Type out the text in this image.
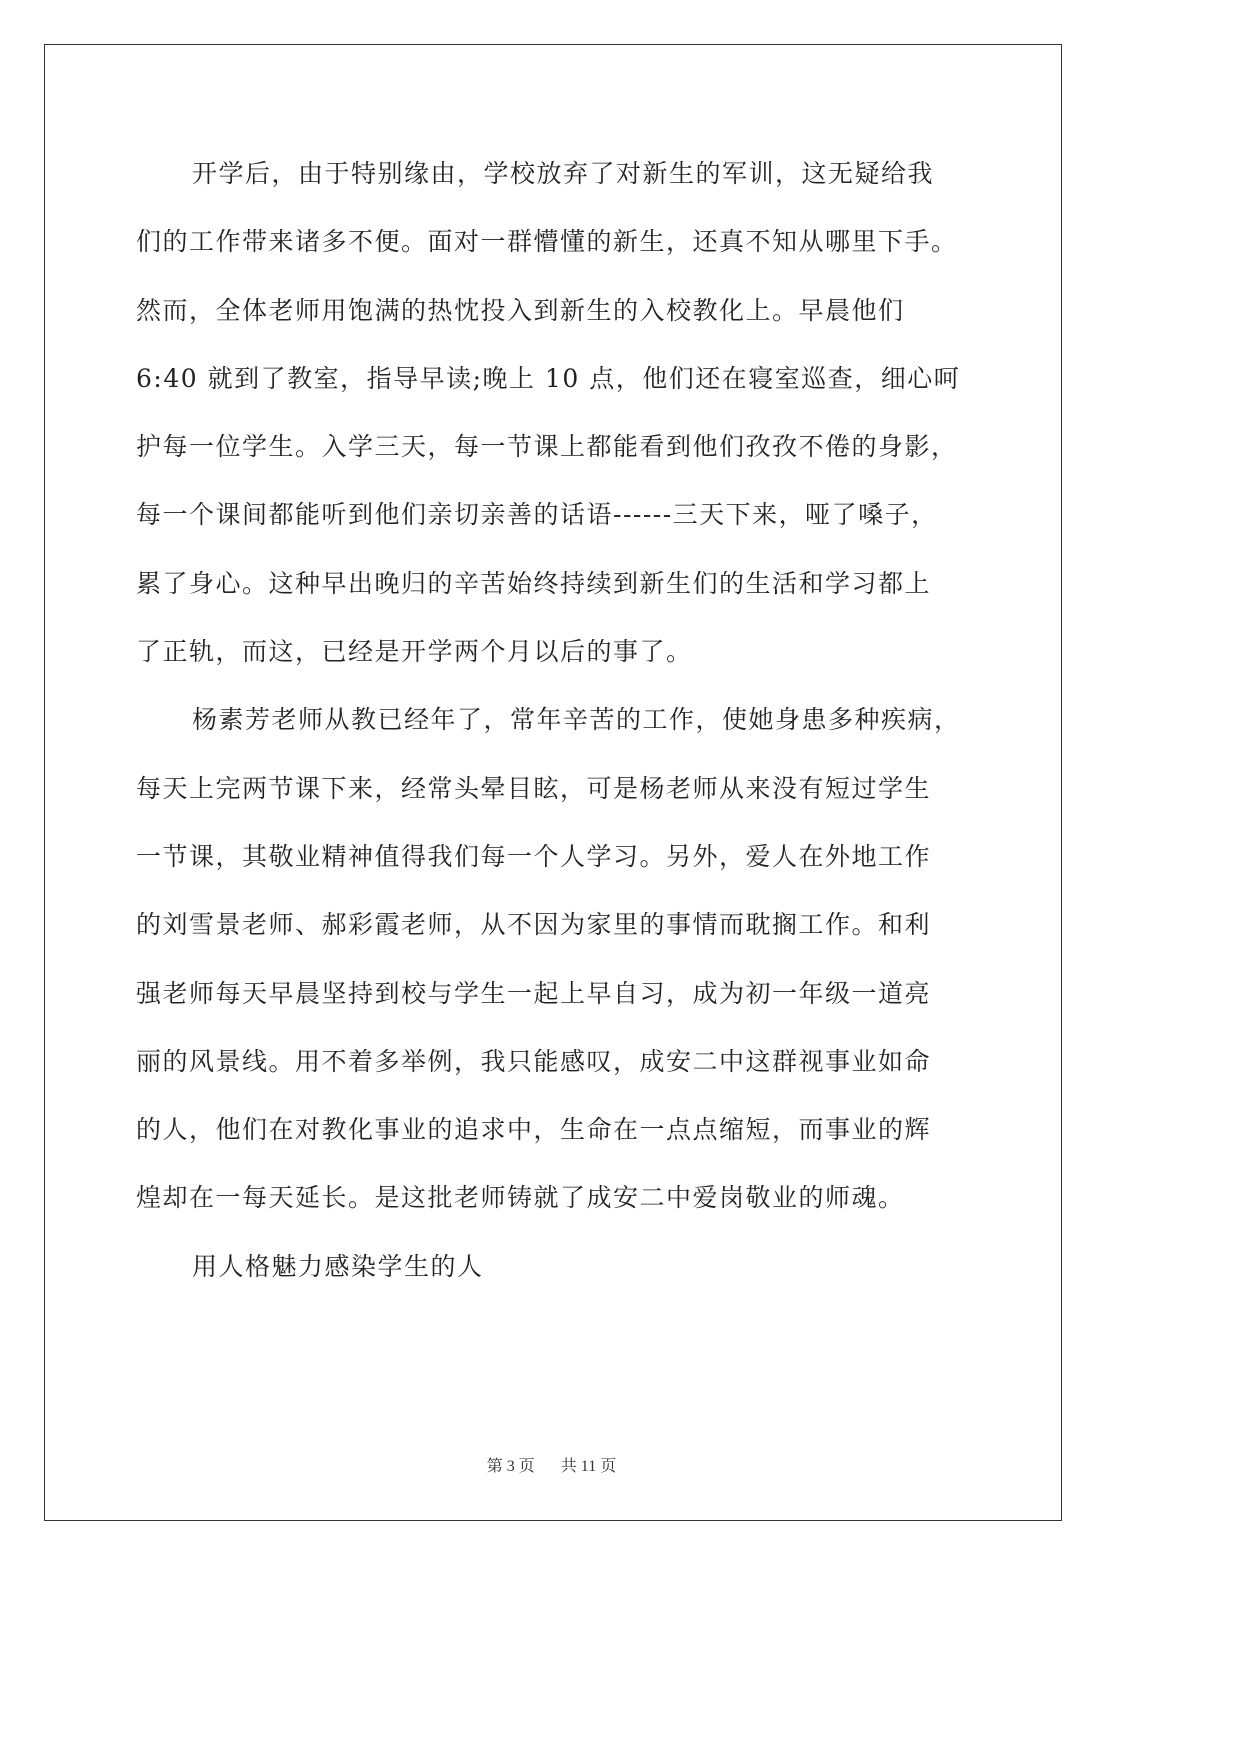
开学后，由于特别缘由，学校放弃了对新生的军训，这无疑给我
们的工作带来诸多不便。面对一群懵懂的新生，还真不知从哪里下手。
然而，全体老师用饱满的热忱投入到新生的入校教化上。早晨他们
6:40 就到了教室，指导早读;晚上 10 点，他们还在寝室巡查，细心呵
护每一位学生。入学三天，每一节课上都能看到他们孜孜不倦的身影，
每一个课间都能听到他们亲切亲善的话语------三天下来，哑了嗓子，
累了身心。这种早出晚归的辛苦始终持续到新生们的生活和学习都上
了正轨，而这，已经是开学两个月以后的事了。
杨素芳老师从教已经年了，常年辛苦的工作，使她身患多种疾病，
每天上完两节课下来，经常头晕目眩，可是杨老师从来没有短过学生
一节课，其敬业精神值得我们每一个人学习。另外，爱人在外地工作
的刘雪景老师、郝彩霞老师，从不因为家里的事情而耽搁工作。和利
强老师每天早晨坚持到校与学生一起上早自习，成为初一年级一道亮
丽的风景线。用不着多举例，我只能感叹，成安二中这群视事业如命
的人，他们在对教化事业的追求中，生命在一点点缩短，而事业的辉
煌却在一每天延长。是这批老师铸就了成安二中爱岗敬业的师魂。
用人格魅力感染学生的人
第 3 页 共 11 页
